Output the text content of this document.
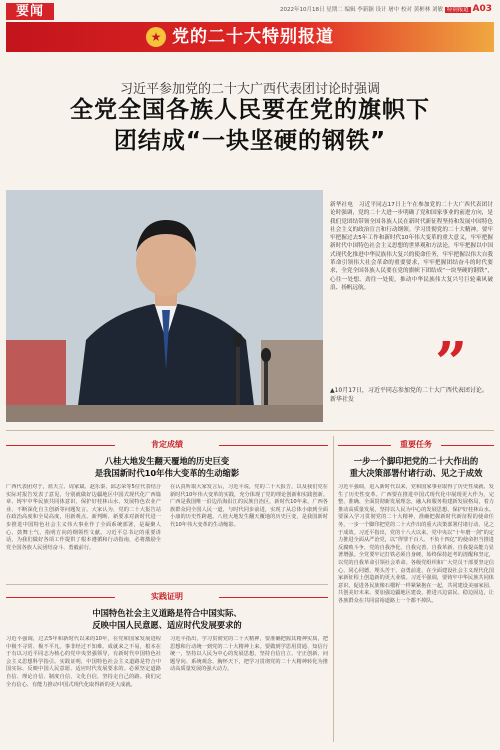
要闻	2022年10月18日 星期二 编辑 李新颖 设计 屠中 校对 黄彬林 刘敏 特别报道 A03
★ 党的二十大特别报道
习近平参加党的二十大广西代表团讨论时强调
全党全国各族人民要在党的旗帜下
团结成“一块坚硬的钢铁”
新华社电　习近平同志17日上午在参加党的二十大广西代表团讨论时强调，党的二十大进一步明确了党和国家事业的前进方向，是我们党团结带领全国各族人民在新时代新征程坚持和发展中国特色社会主义的政治宣言和行动纲领。学习贯彻党的二十大精神，要牢牢把握过去5年工作和新时代10年伟大变革的重大意义，牢牢把握新时代中国特色社会主义思想的世界观和方法论，牢牢把握以中国式现代化推进中华民族伟大复兴的使命任务，牢牢把握以伟大自我革命引领伟大社会革命的重要要求，牢牢把握团结奋斗的时代要求，全党全国各族人民要在党的旗帜下团结成“一块坚硬的钢铁”，心往一处想、劲往一处使，推动中华民族伟大复兴号巨轮乘风破浪、扬帆远航。
”
▲10月17日，习近平同志参加党的二十大广西代表团讨论。新华社发
肯定成绩
八桂大地发生翻天覆地的历史巨变
是我国新时代10年伟大变革的生动缩影
广西代表团对于，蓝天立、周家斌、赵乐秦、邱志荣等5位代表结合实际对报告发表了意见，分别就做好边疆地区中国式现代化广西篇章、铸牢中华民族共同体意识、保护好桂林山水、发展特色农业产业、不断深化自主创新等问题发言。大家认为，党的二十大报告站在政治高度和全局高度，用新观点、新判断、新要求对新时代进一步推进中国特色社会主义伟大事业作了全面系统部署，是凝聚人心、鼓舞士气、指明方向的纲领性文献。习近平总书记的重要讲话，为我们做好各项工作提供了根本遵循和行动指南，必将激励全党全国各族人民团结奋斗、勇毅前行。
在认真听取大家发言后，习近平说，党的二十大报告，以及我们党在新时代10年伟大变革的实践，充分体现了党的理论创新和实践创新。广西是我国唯一沿边沿海沿江的民族自治区，新时代10年来，广西各族群众同全国人民一道，与时代同步前进，实现了从总体小康到全面小康的历史性跨越。八桂大地发生翻天覆地的历史巨变，是我国新时代10年伟大变革的生动缩影。
实践证明
中国特色社会主义道路是符合中国实际、
反映中国人民意愿、适应时代发展要求的
习近平强调，过去5年和新时代以来的10年，在党和国家发展进程中极不寻常、极不平凡。事非经过不知难。成就来之不易，根本在于有以习近平同志为核心的党中央坚强领导，有新时代中国特色社会主义思想科学指引。实践证明，中国特色社会主义道路是符合中国实际、反映中国人民意愿、适应时代发展要求的。必须坚定道路自信、理论自信、制度自信、文化自信，坚持走自己的路。我们完全有信心、有能力推动中国式现代化取得新的更大成就。
习近平指出，学习贯彻党的二十大精神，要准确把握其精神实质，把思想和行动统一到党的二十大精神上来。要做到学思用贯通、知信行统一，坚持以人民为中心的发展思想，坚持自信自立、守正创新、问题导向、系统观念、胸怀天下，把学习贯彻党的二十大精神转化为推动高质量发展的强大动力。
重要任务
一步一个脚印把党的二十大作出的
重大决策部署付诸行动、见之于成效
习近平强调，进入新时代以来，党和国家事业取得了历史性成就、发生了历史性变革。广西要在推进中国式现代化中展现更大作为，完整、准确、全面贯彻新发展理念，融入和服务构建新发展格局，着力推动高质量发展，坚持以人民为中心的发展思想，保护好桂林山水。要深入学习贯彻党的二十大精神，准确把握新时代新征程的使命任务，一步一个脚印把党的二十大作出的重大决策部署付诸行动、见之于成效。习近平指出，党的十八大以来，党中央以“十年磨一剑”的定力推进全面从严治党，以“得罪千百人、不负十四亿”的使命担当推进反腐败斗争，党的自我净化、自我完善、自我革新、自我提高能力显著增强。全党要牢记打铁必须自身硬，始终保持赶考的清醒和坚定，以党的自我革命引领社会革命。各级党组织和广大党员干部要坚定信心、同心同德，埋头苦干、奋勇前进，在全面建设社会主义现代化国家新征程上创造新的更大业绩。习近平强调，要铸牢中华民族共同体意识，促进各民族像石榴籽一样紧紧抱在一起，共同建设美丽家园、共创美好未来。要加强边疆地区建设，推进兴边富民、稳边固边，让各族群众在共同富裕道路上一个都不掉队。
